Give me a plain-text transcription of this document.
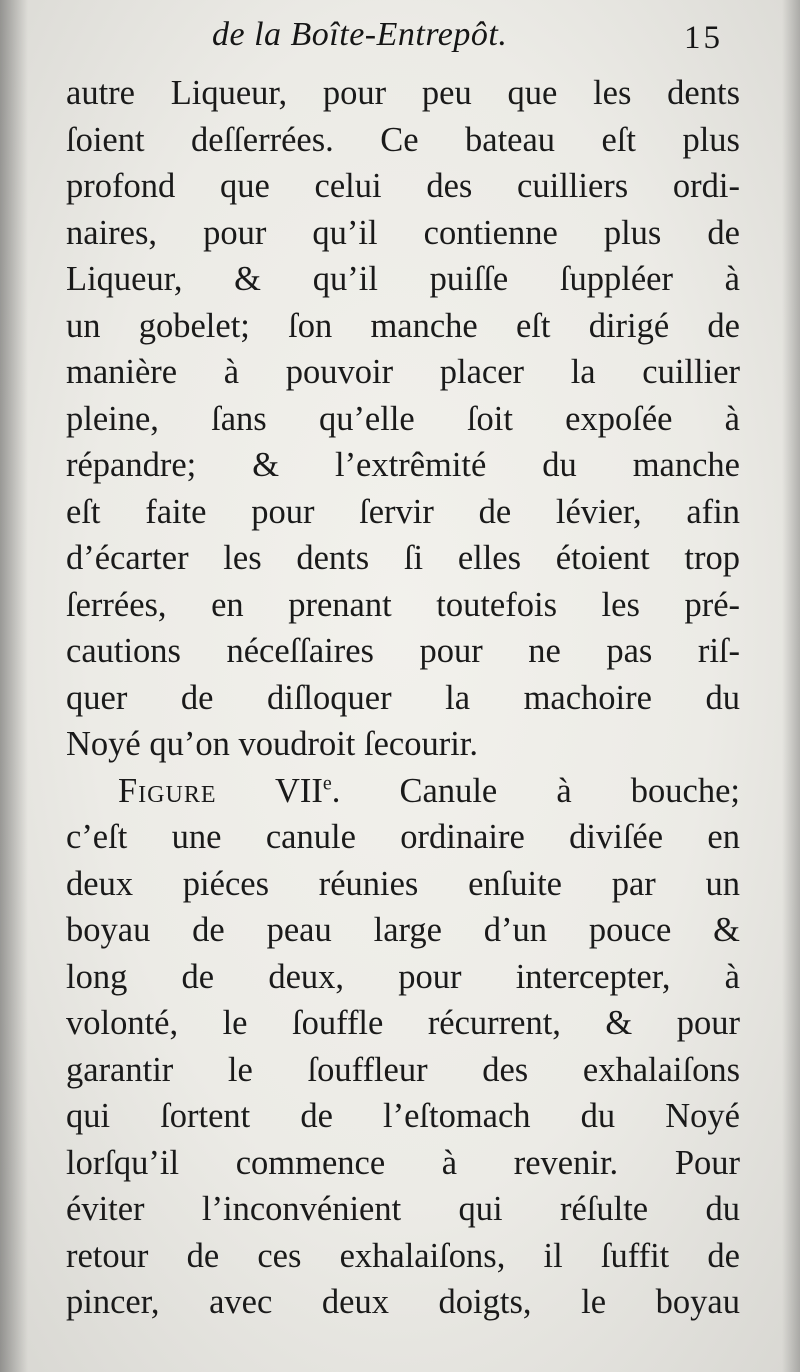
de la Boîte-Entrepôt.	15
autre Liqueur, pour peu que les dents
ſoient deſſerrées. Ce bateau eſt plus
profond que celui des cuilliers ordi-
naires, pour qu’il contienne plus de
Liqueur, & qu’il puiſſe ſuppléer à
un gobelet; ſon manche eſt dirigé de
manière à pouvoir placer la cuillier
pleine, ſans qu’elle ſoit expoſée à
répandre; & l’extrêmité du manche
eſt faite pour ſervir de lévier, afin
d’écarter les dents ſi elles étoient trop
ſerrées, en prenant toutefois les pré-
cautions néceſſaires pour ne pas riſ-
quer de diſloquer la machoire du
Noyé qu’on voudroit ſecourir.
Figure VIIe. Canule à bouche;
c’eſt une canule ordinaire diviſée en
deux piéces réunies enſuite par un
boyau de peau large d’un pouce &
long de deux, pour intercepter, à
volonté, le ſouffle récurrent, & pour
garantir le ſouffleur des exhalaiſons
qui ſortent de l’eſtomach du Noyé
lorſqu’il commence à revenir. Pour
éviter l’inconvénient qui réſulte du
retour de ces exhalaiſons, il ſuffit de
pincer, avec deux doigts, le boyau
